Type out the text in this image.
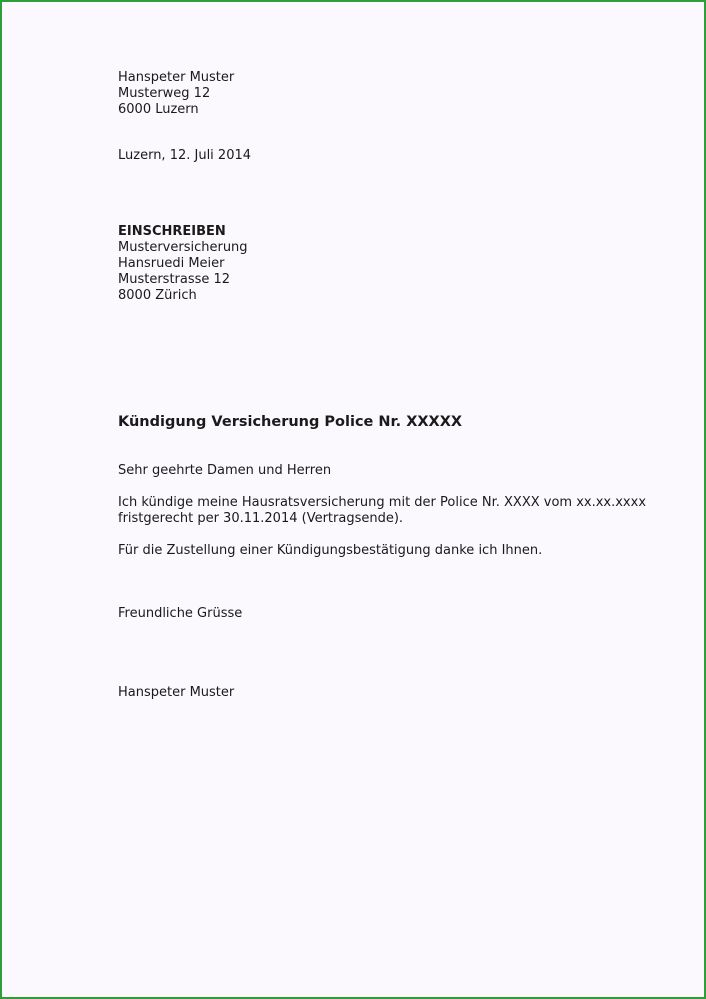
Hanspeter Muster
Musterweg 12
6000 Luzern
Luzern, 12. Juli 2014
EINSCHREIBEN
Musterversicherung
Hansruedi Meier
Musterstrasse 12
8000 Zürich
Kündigung Versicherung Police Nr. XXXXX
Sehr geehrte Damen und Herren
Ich kündige meine Hausratsversicherung mit der Police Nr. XXXX vom xx.xx.xxxx
fristgerecht per 30.11.2014 (Vertragsende).
Für die Zustellung einer Kündigungsbestätigung danke ich Ihnen.
Freundliche Grüsse
Hanspeter Muster
